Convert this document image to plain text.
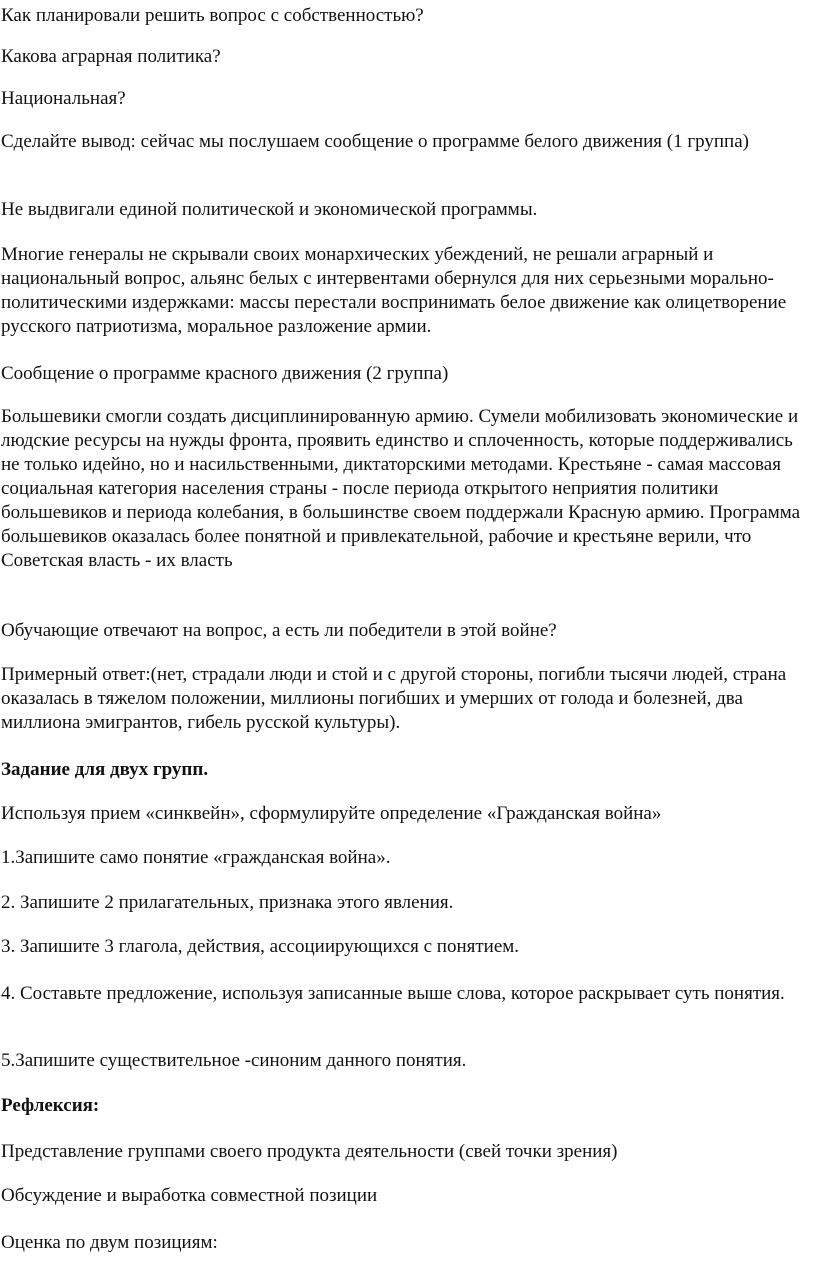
Как планировали решить вопрос с собственностью?

Какова аграрная политика?

Национальная?

Сделайте вывод: сейчас мы послушаем сообщение о программе белого движения (1 группа)

Не выдвигали единой политической и экономической программы.

Многие генералы не скрывали своих монархических убеждений, не решали аграрный и национальный вопрос, альянс белых с интервентами обернулся для них серьезными морально-политическими издержками: массы перестали воспринимать белое движение как олицетворение русского патриотизма, моральное разложение армии.

Сообщение о программе красного движения (2 группа)

Большевики смогли создать дисциплинированную армию. Сумели мобилизовать экономические и людские ресурсы на нужды фронта, проявить единство и сплоченность, которые поддерживались не только идейно, но и насильственными, диктаторскими методами. Крестьяне - самая массовая социальная категория населения страны - после периода открытого неприятия политики большевиков и периода колебания, в большинстве своем поддержали Красную армию. Программа большевиков оказалась более понятной и привлекательной, рабочие и крестьяне верили, что Советская власть - их власть

Обучающие отвечают на вопрос, а есть ли победители в этой войне?

Примерный ответ:(нет, страдали люди и стой и с другой стороны, погибли тысячи людей, страна оказалась в тяжелом положении, миллионы погибших и умерших от голода и болезней, два миллиона эмигрантов, гибель русской культуры).

Задание для двух групп.

Используя прием «синквейн», сформулируйте определение «Гражданская война»

1.Запишите само понятие «гражданская война».

2. Запишите 2 прилагательных, признака этого явления.

3. Запишите 3 глагола, действия, ассоциирующихся с понятием.

4. Составьте предложение, используя записанные выше слова, которое раскрывает суть понятия.

5.Запишите существительное -синоним данного понятия.

Рефлексия:

Представление группами своего продукта деятельности (свей точки зрения)

Обсуждение и выработка совместной позиции

Оценка по двум позициям:
